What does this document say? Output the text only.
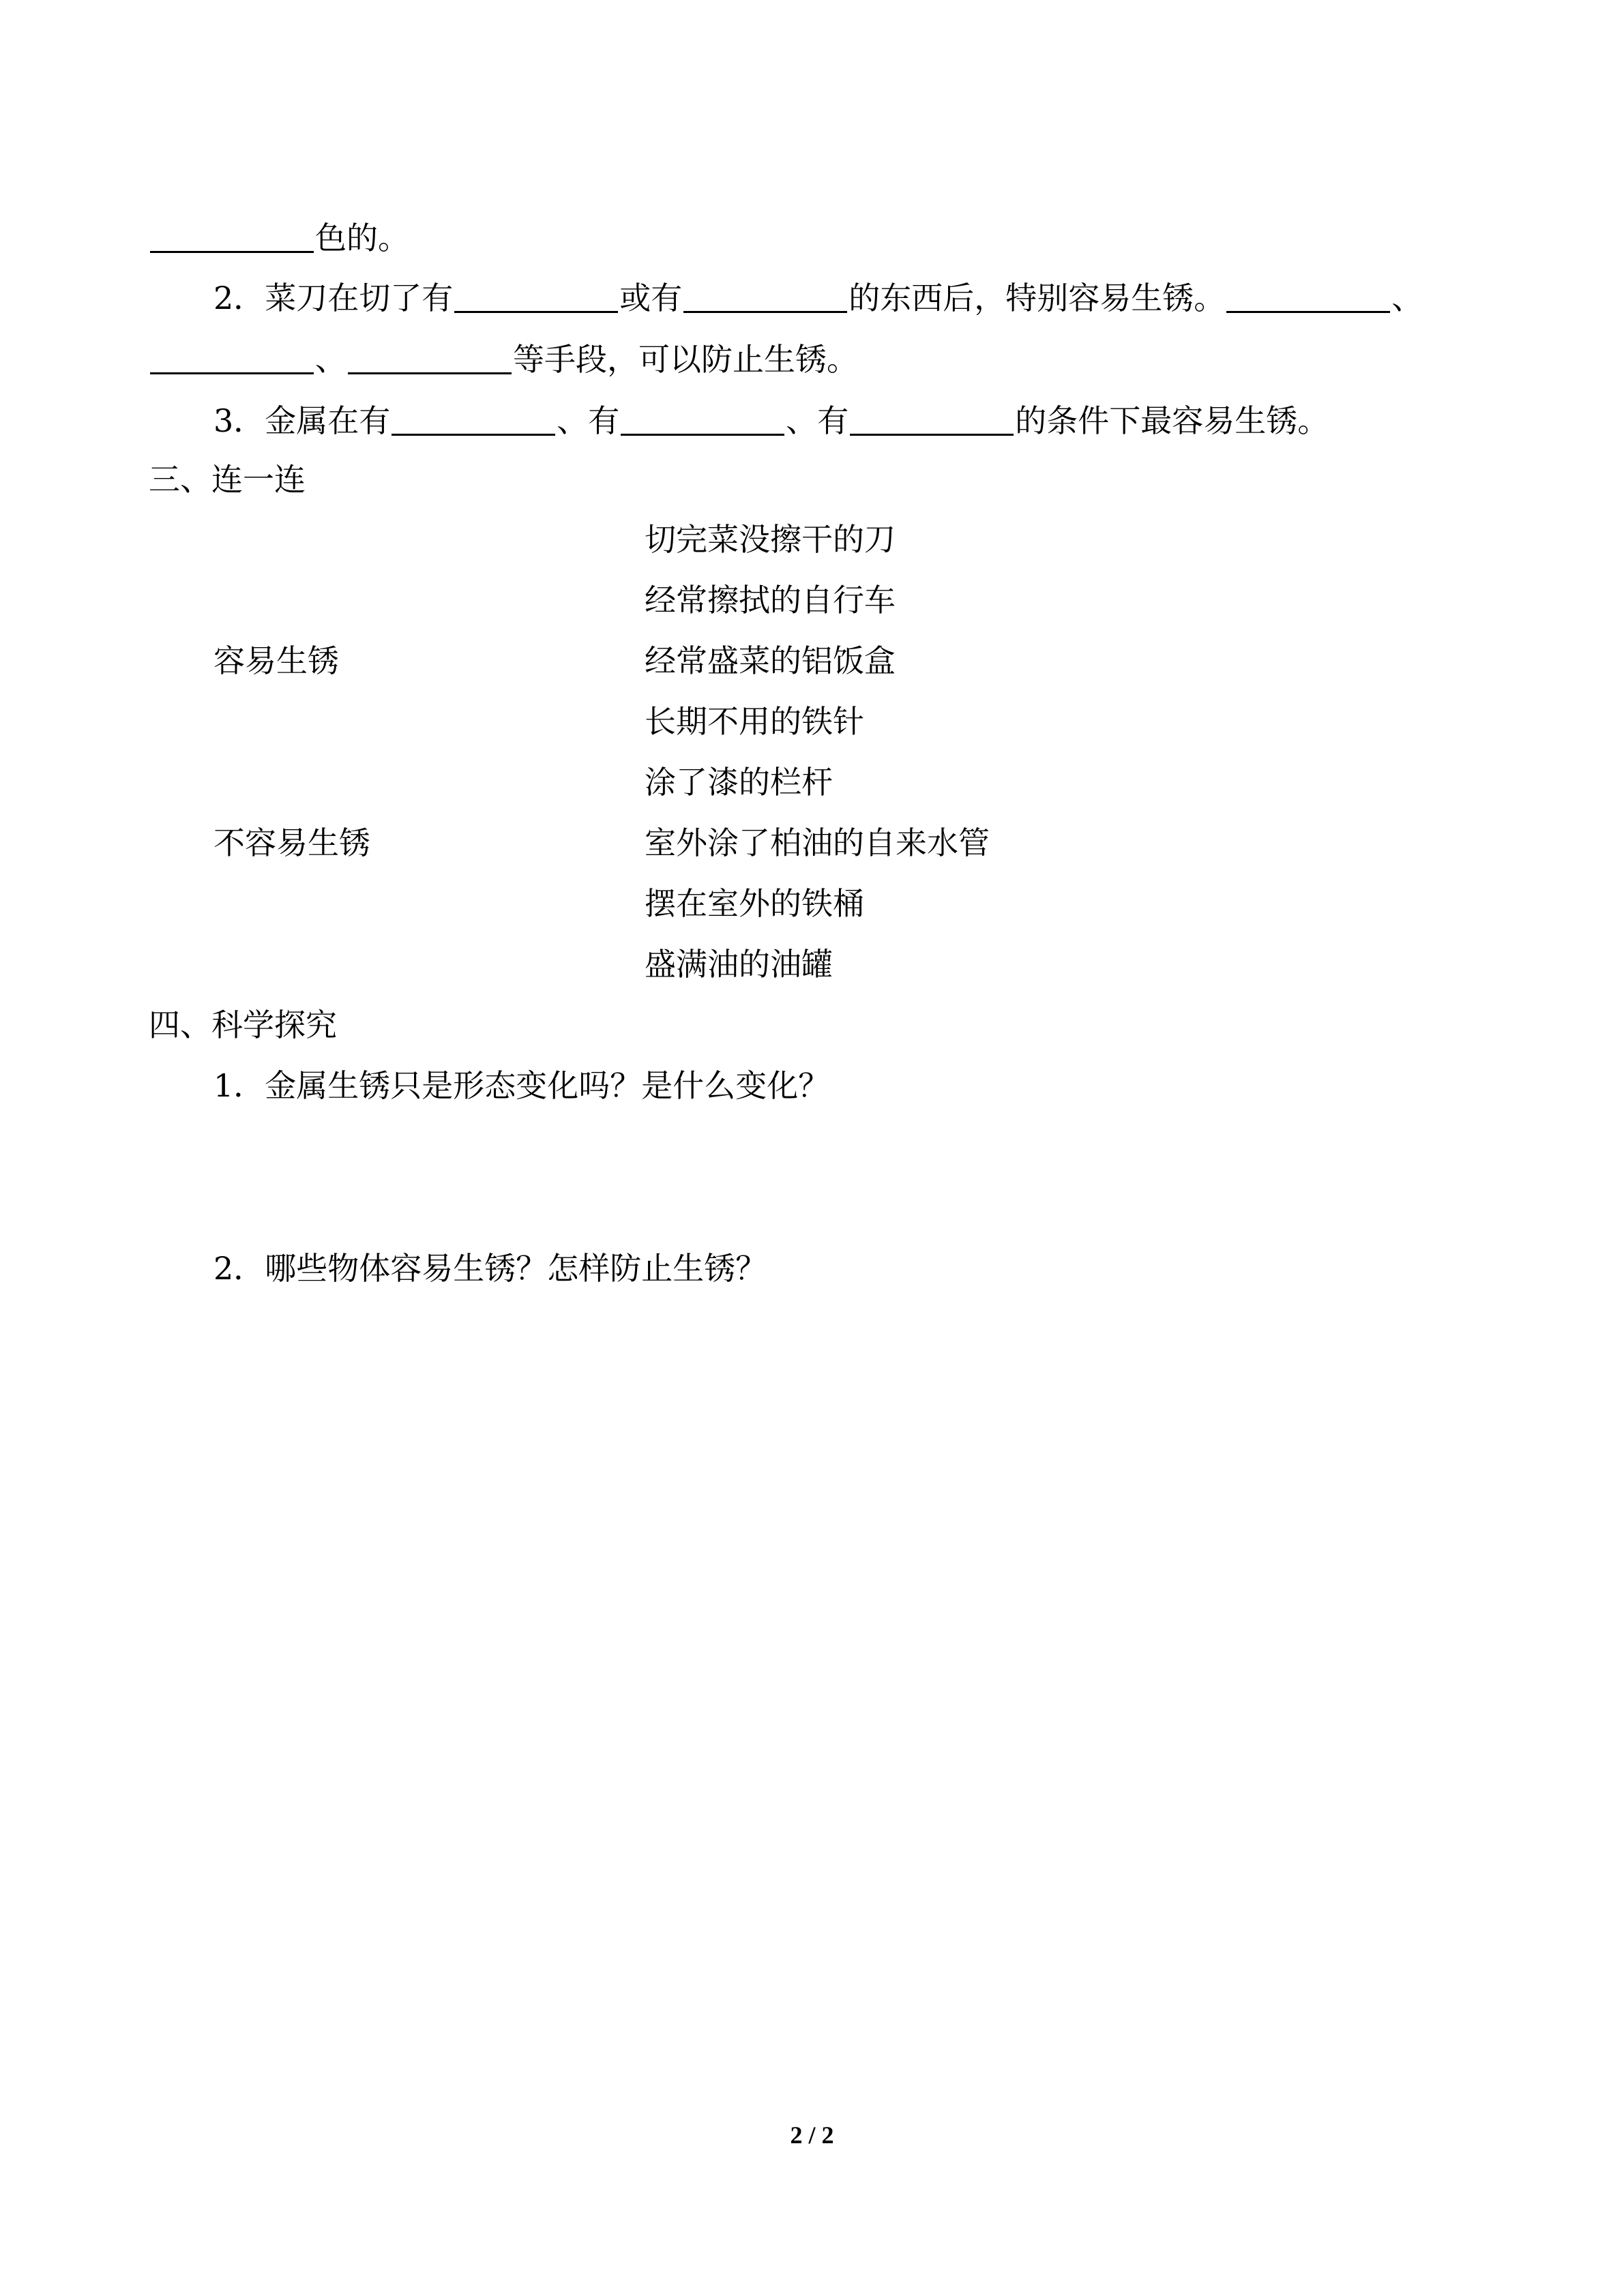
色的。
2．菜刀在切了有	或有	的东西后，特别容易生锈。	、
、	等手段，可以防止生锈。
3．金属在有	、有	、有	的条件下最容易生锈。
三、连一连
切完菜没擦干的刀
经常擦拭的自行车
经常盛菜的铝饭盒
长期不用的铁针
涂了漆的栏杆
室外涂了柏油的自来水管
摆在室外的铁桶
盛满油的油罐
容易生锈
不容易生锈
四、科学探究
1．金属生锈只是形态变化吗？是什么变化？
2．哪些物体容易生锈？怎样防止生锈？
2 / 2
